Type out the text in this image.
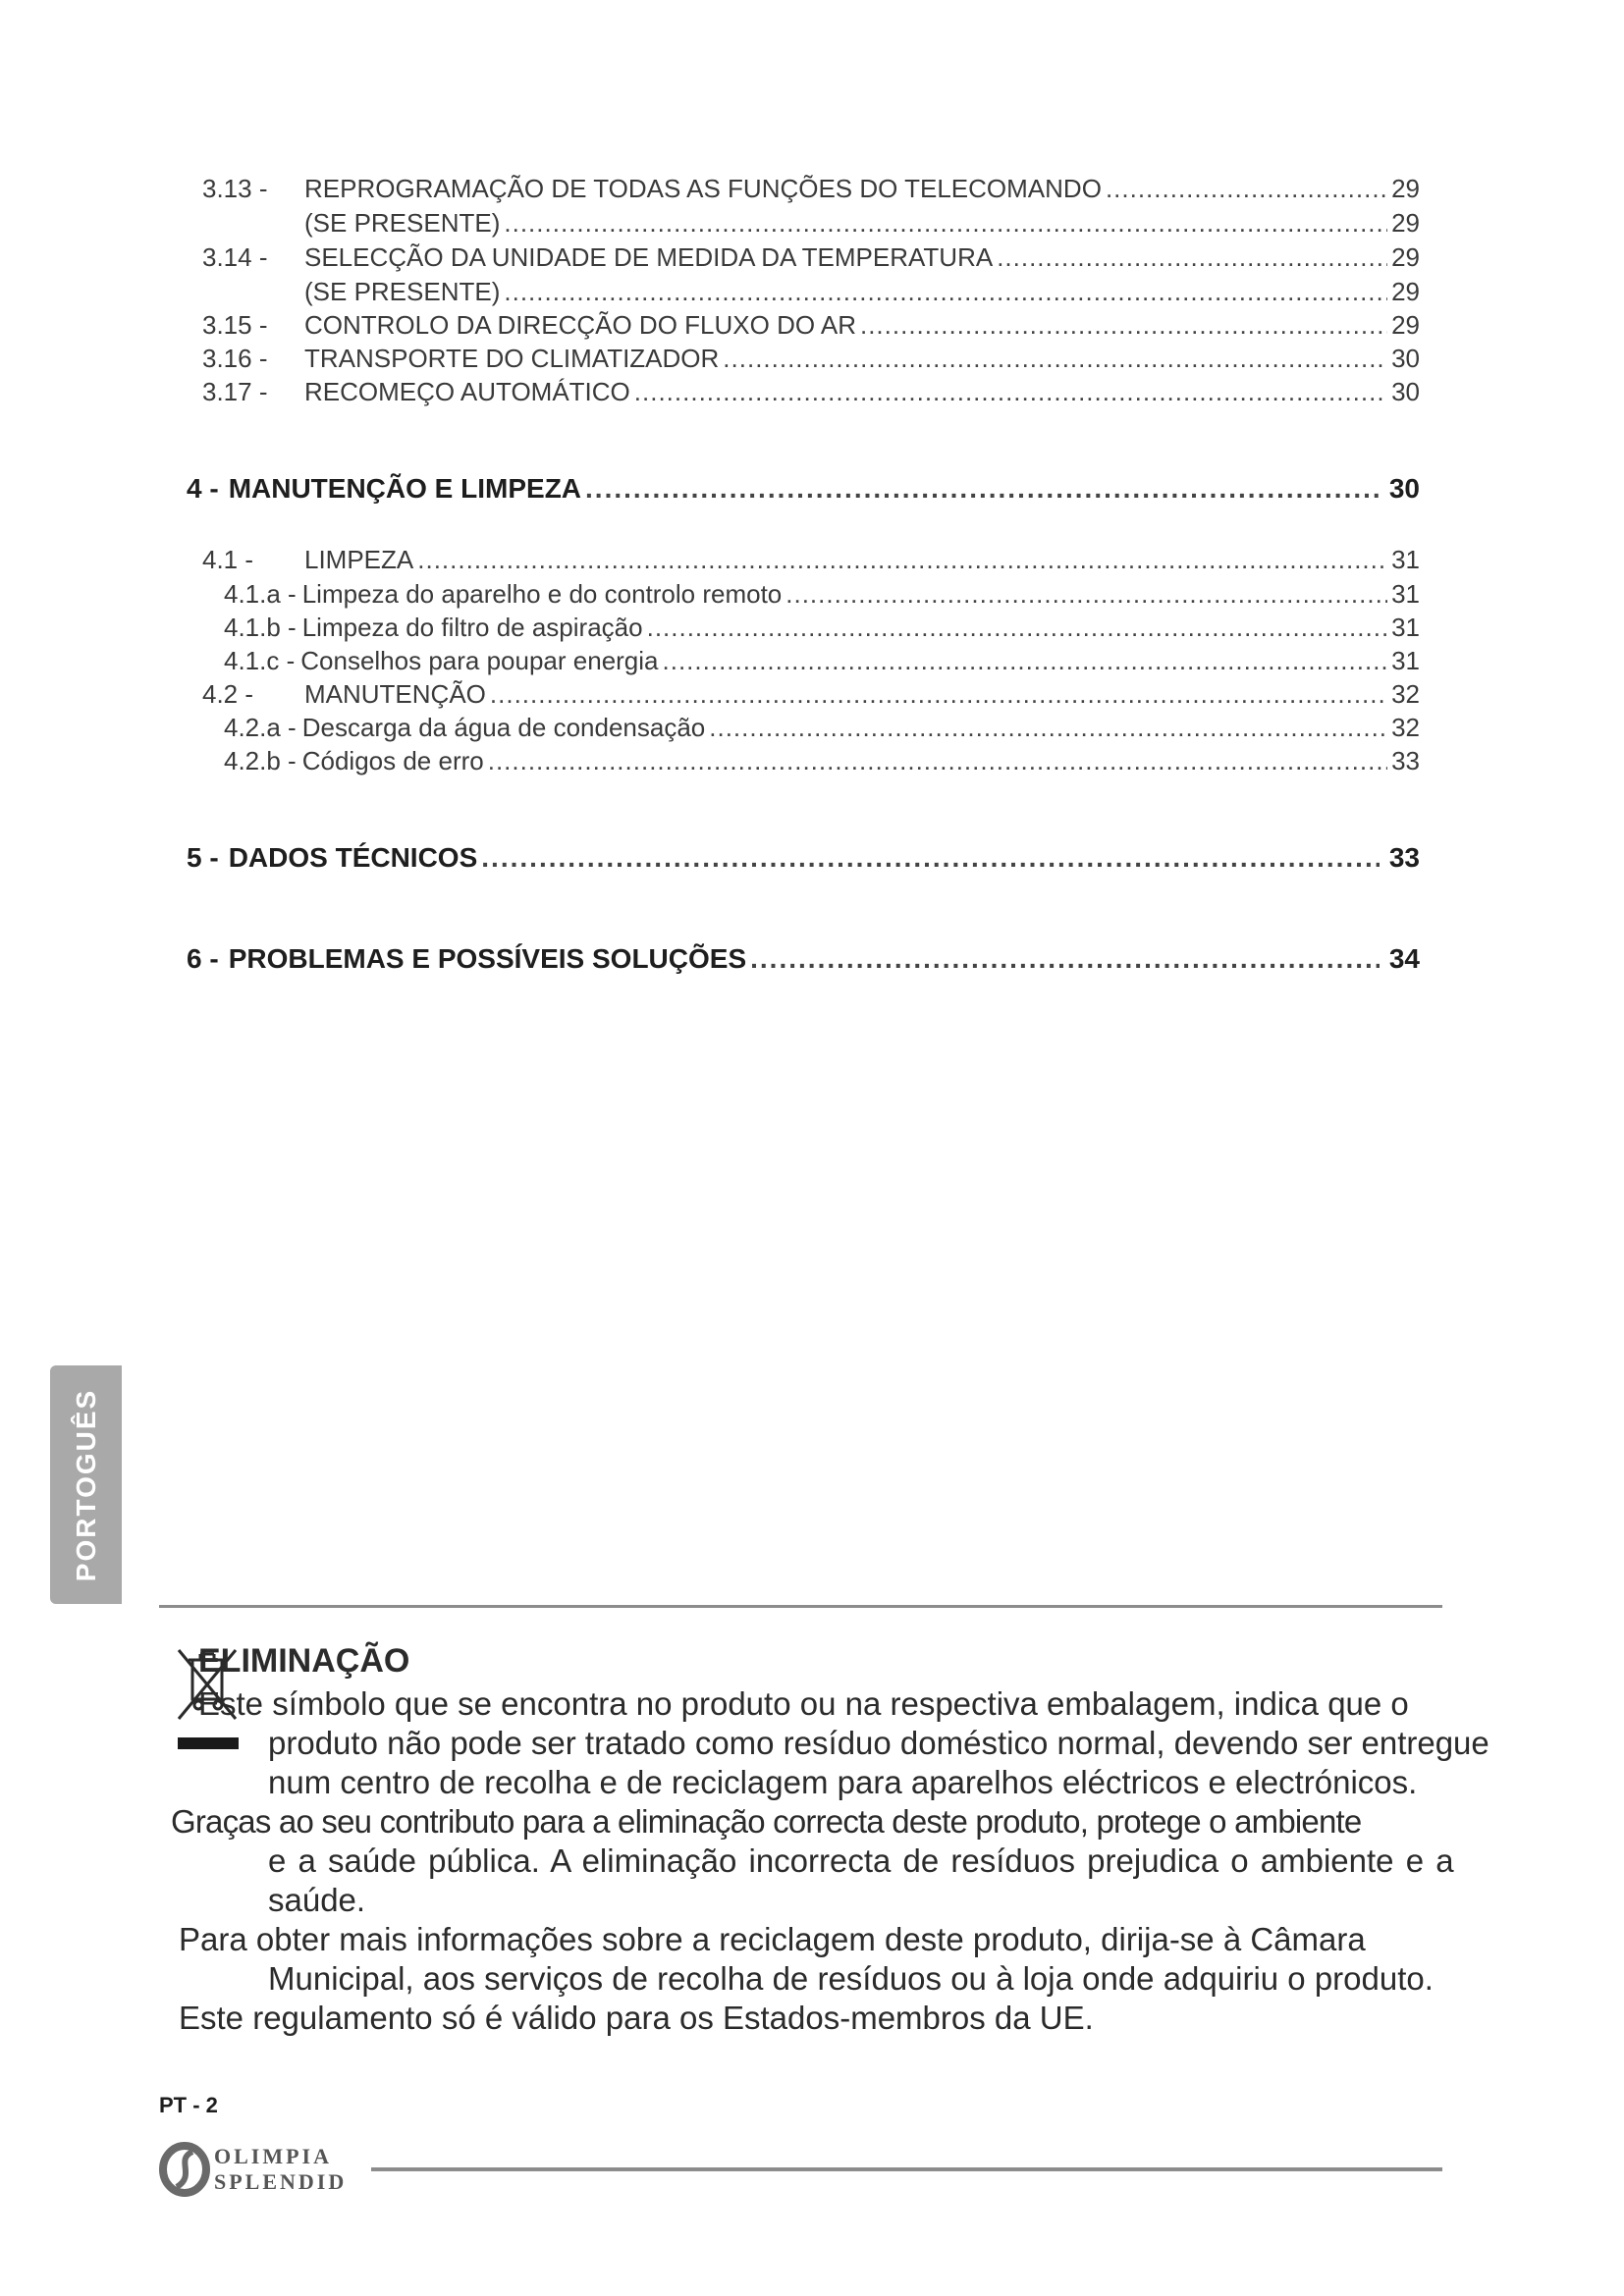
3.13 -	REPROGRAMAÇÃO DE TODAS AS FUNÇÕES DO TELECOMANDO .....	29
(SE PRESENTE) .....	29
3.14 -	SELECÇÃO DA UNIDADE DE MEDIDA DA TEMPERATURA .....	29
(SE PRESENTE) .....	29
3.15 -	CONTROLO DA DIRECÇÃO DO FLUXO DO AR .....	29
3.16 -	TRANSPORTE DO CLIMATIZADOR .....	30
3.17 -	RECOMEÇO AUTOMÁTICO .....	30
4 - MANUTENÇÃO E LIMPEZA .....	30
4.1 -	LIMPEZA .....	31
4.1.a - Limpeza do aparelho e do controlo remoto .....	31
4.1.b - Limpeza do filtro de aspiração .....	31
4.1.c - Conselhos para poupar energia .....	31
4.2 -	MANUTENÇÃO .....	32
4.2.a - Descarga da água de condensação .....	32
4.2.b - Códigos de erro .....	33
5 - DADOS TÉCNICOS .....	33
6 - PROBLEMAS E POSSÍVEIS SOLUÇÕES .....	34
PORTOGUÊS
ELIMINAÇÃO
Este símbolo que se encontra no produto ou na respectiva embalagem, indica que o
produto não pode ser tratado como resíduo doméstico normal, devendo ser entregue
num centro de recolha e de reciclagem para aparelhos eléctricos e electrónicos.
Graças ao seu contributo para a eliminação correcta deste produto, protege o ambiente
e a saúde pública. A eliminação incorrecta de resíduos prejudica o ambiente e a
saúde.
Para obter mais informações sobre a reciclagem deste produto, dirija-se à Câmara
Municipal, aos serviços de recolha de resíduos ou à loja onde adquiriu o produto.
Este regulamento só é válido para os Estados-membros da UE.
PT - 2
OLIMPIA
SPLENDID
